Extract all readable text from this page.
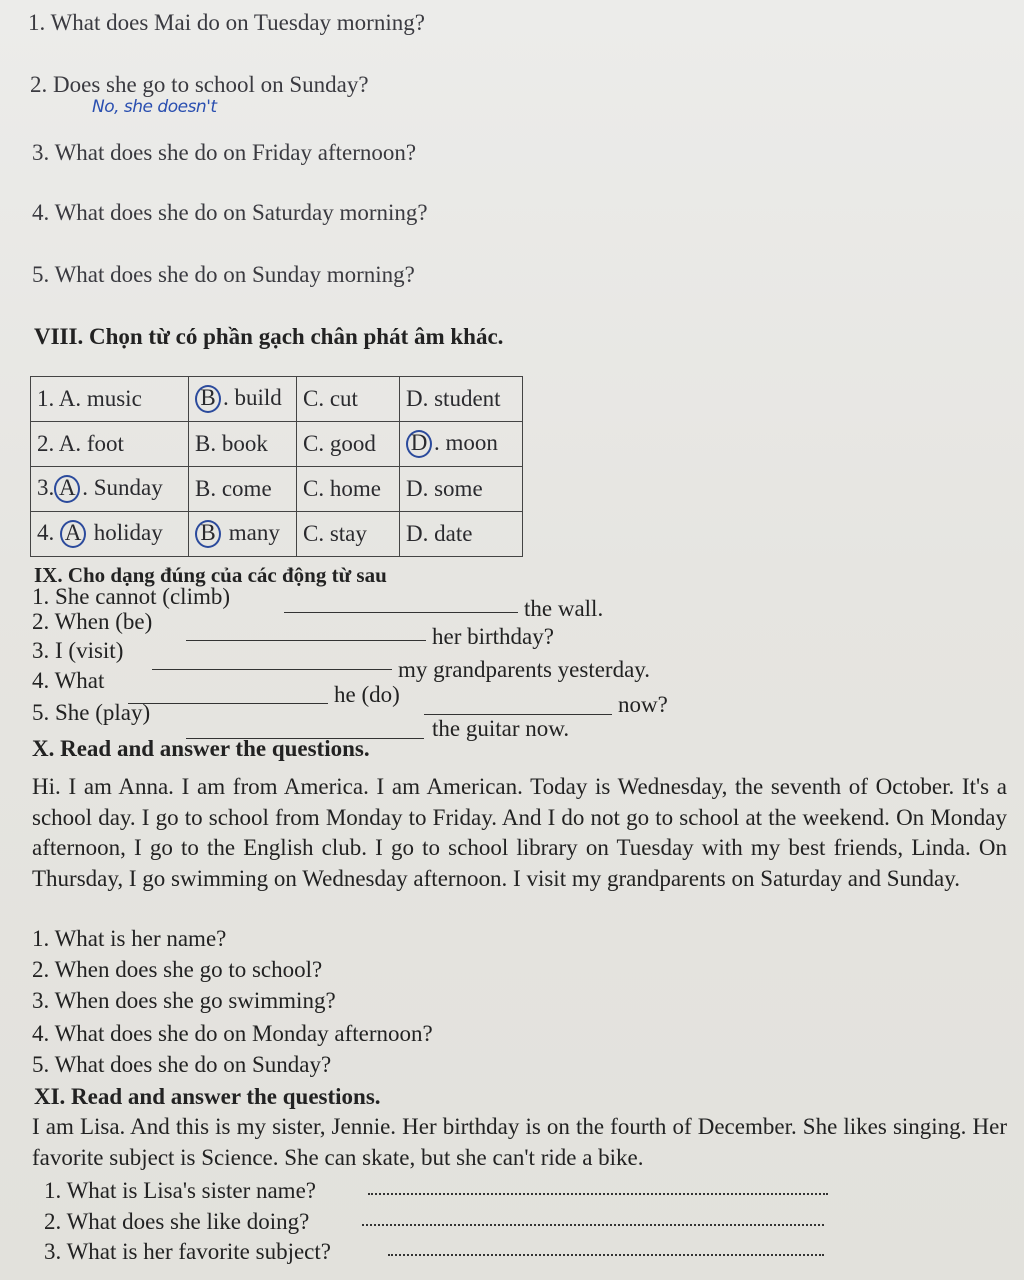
1. What does Mai do on Tuesday morning?
2. Does she go to school on Sunday?
No, she doesn't
3. What does she do on Friday afternoon?
4. What does she do on Saturday morning?
5. What does she do on Sunday morning?
VIII. Chọn từ có phần gạch chân phát âm khác.
1. A. music	B . build	C. cut	D. student
2. A. foot	B. book	C. good	D . moon
3. A . Sunday	B. come	C. home	D. some
4. A holiday	B many	C. stay	D. date
IX. Cho dạng đúng của các động từ sau
1. She cannot (climb)	the wall.
2. When (be)
her birthday?
3. I (visit)
my grandparents yesterday.
4. What
he (do)	now?
5. She (play)
the guitar now.
X. Read and answer the questions.
Hi. I am Anna. I am from America. I am American. Today is Wednesday, the seventh of October. It's a school day. I go to school from Monday to Friday. And I do not go to school at the weekend. On Monday afternoon, I go to the English club. I go to school library on Tuesday with my best friends, Linda. On Thursday, I go swimming on Wednesday afternoon. I visit my grandparents on Saturday and Sunday.
1. What is her name?
2. When does she go to school?
3. When does she go swimming?
4. What does she do on Monday afternoon?
5. What does she do on Sunday?
XI. Read and answer the questions.
I am Lisa. And this is my sister, Jennie. Her birthday is on the fourth of December. She likes singing. Her favorite subject is Science. She can skate, but she can't ride a bike.
1. What is Lisa's sister name?
2. What does she like doing?
3. What is her favorite subject?
